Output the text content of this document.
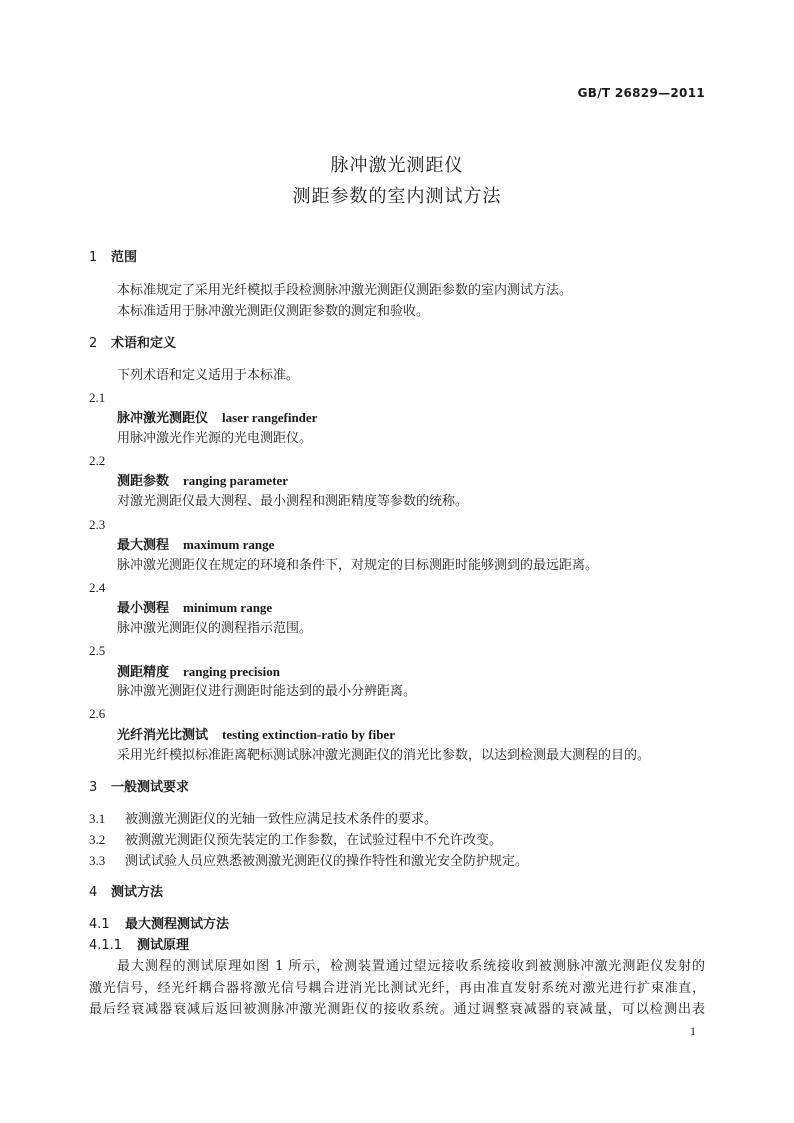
GB/T 26829—2011
脉冲激光测距仪
测距参数的室内测试方法
1 范围
本标准规定了采用光纤模拟手段检测脉冲激光测距仪测距参数的室内测试方法。
本标准适用于脉冲激光测距仪测距参数的测定和验收。
2 术语和定义
下列术语和定义适用于本标准。
2.1
脉冲激光测距仪 laser rangefinder
用脉冲激光作光源的光电测距仪。
2.2
测距参数 ranging parameter
对激光测距仪最大测程、最小测程和测距精度等参数的统称。
2.3
最大测程 maximum range
脉冲激光测距仪在规定的环境和条件下，对规定的目标测距时能够测到的最远距离。
2.4
最小测程 minimum range
脉冲激光测距仪的测程指示范围。
2.5
测距精度 ranging precision
脉冲激光测距仪进行测距时能达到的最小分辨距离。
2.6
光纤消光比测试 testing extinction-ratio by fiber
采用光纤模拟标准距离靶标测试脉冲激光测距仪的消光比参数，以达到检测最大测程的目的。
3 一般测试要求
3.1 被测激光测距仪的光轴一致性应满足技术条件的要求。
3.2 被测激光测距仪预先装定的工作参数，在试验过程中不允许改变。
3.3 测试试验人员应熟悉被测激光测距仪的操作特性和激光安全防护规定。
4 测试方法
4.1 最大测程测试方法
4.1.1 测试原理
最大测程的测试原理如图 1 所示，检测装置通过望远接收系统接收到被测脉冲激光测距仪发射的
激光信号，经光纤耦合器将激光信号耦合进消光比测试光纤，再由准直发射系统对激光进行扩束准直，
最后经衰减器衰减后返回被测脉冲激光测距仪的接收系统。通过调整衰减器的衰减量，可以检测出表
1
